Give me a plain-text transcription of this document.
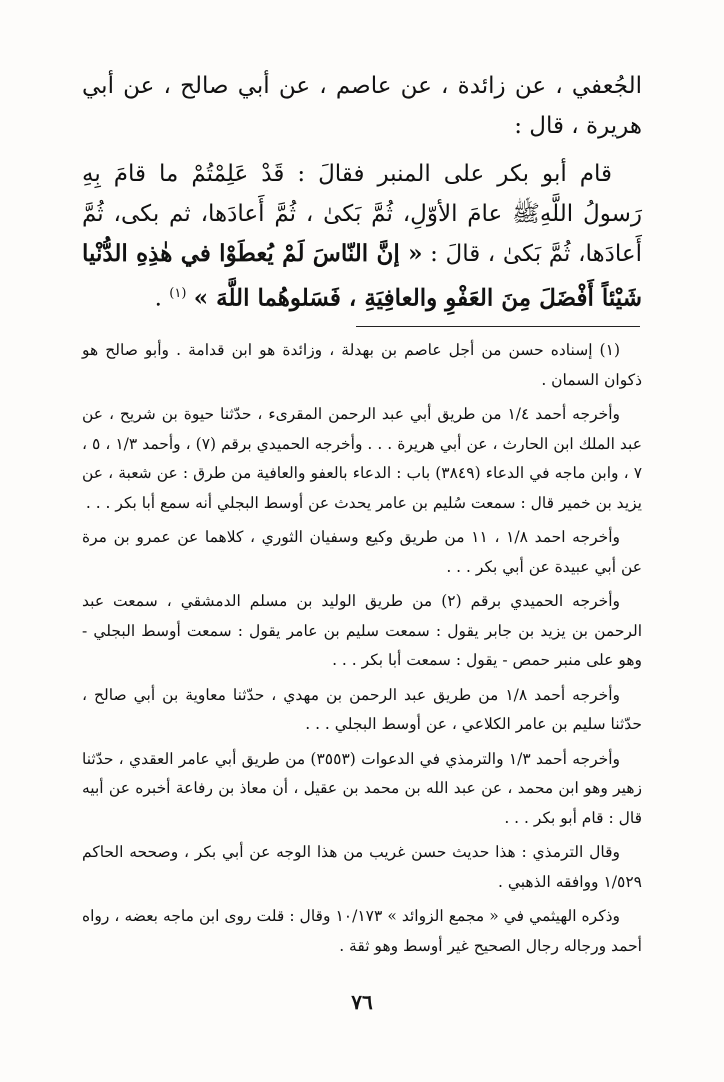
الجُعفي ، عن زائدة ، عن عاصم ، عن أبي صالح ، عن أبي هريرة ، قال :

قام أبو بكر على المنبر فقالَ : قَدْ عَلِمْتُمْ ما قامَ بِهِ رَسولُ اللَّهِﷺ عامَ الأوّلِ، ثُمَّ بَكىٰ ، ثُمَّ أَعادَها، ثم بكى، ثُمَّ أَعادَها، ثُمَّ بَكىٰ ، قالَ : « إنَّ النّاسَ لَمْ يُعطَوْا في هٰذِهِ الدُّنْيا شَيْئاً أَفْضَلَ مِنَ العَفْوِ والعافِيَةِ ، فَسَلوهُما اللَّهَ » $^{(١)}$ .

(١) إسناده حسن من أجل عاصم بن بهدلة ، وزائدة هو ابن قدامة . وأبو صالح هو ذكوان السمان .

وأخرجه أحمد ١/٤ من طريق أبي عبد الرحمن المقرىء ، حدّثنا حيوة بن شريح ، عن عبد الملك ابن الحارث ، عن أبي هريرة . . . وأخرجه الحميدي برقم (٧) ، وأحمد ١/٣ ، ٥ ، ٧ ، وابن ماجه في الدعاء (٣٨٤٩) باب : الدعاء بالعفو والعافية من طرق : عن شعبة ، عن يزيد بن خمير قال : سمعت سُليم بن عامر يحدث عن أوسط البجلي أنه سمع أبا بكر . . .

وأخرجه احمد ١/٨ ، ١١ من طريق وكيع وسفيان الثوري ، كلاهما عن عمرو بن مرة عن أبي عبيدة عن أبي بكر . . .

وأخرجه الحميدي برقم (٢) من طريق الوليد بن مسلم الدمشقي ، سمعت عبد الرحمن بن يزيد بن جابر يقول : سمعت سليم بن عامر يقول : سمعت أوسط البجلي - وهو على منبر حمص - يقول : سمعت أبا بكر . . .

وأخرجه أحمد ١/٨ من طريق عبد الرحمن بن مهدي ، حدّثنا معاوية بن أبي صالح ، حدّثنا سليم بن عامر الكلاعي ، عن أوسط البجلي . . .

وأخرجه أحمد ١/٣ والترمذي في الدعوات (٣٥٥٣) من طريق أبي عامر العقدي ، حدّثنا زهير وهو ابن محمد ، عن عبد الله بن محمد بن عقيل ، أن معاذ بن رفاعة أخبره عن أبيه قال : قام أبو بكر . . .

وقال الترمذي : هذا حديث حسن غريب من هذا الوجه عن أبي بكر ، وصححه الحاكم ١/٥٢٩ ووافقه الذهبي .

وذكره الهيثمي في « مجمع الزوائد » ١٠/١٧٣ وقال : قلت روى ابن ماجه بعضه ، رواه أحمد ورجاله رجال الصحيح غير أوسط وهو ثقة .

٧٦
